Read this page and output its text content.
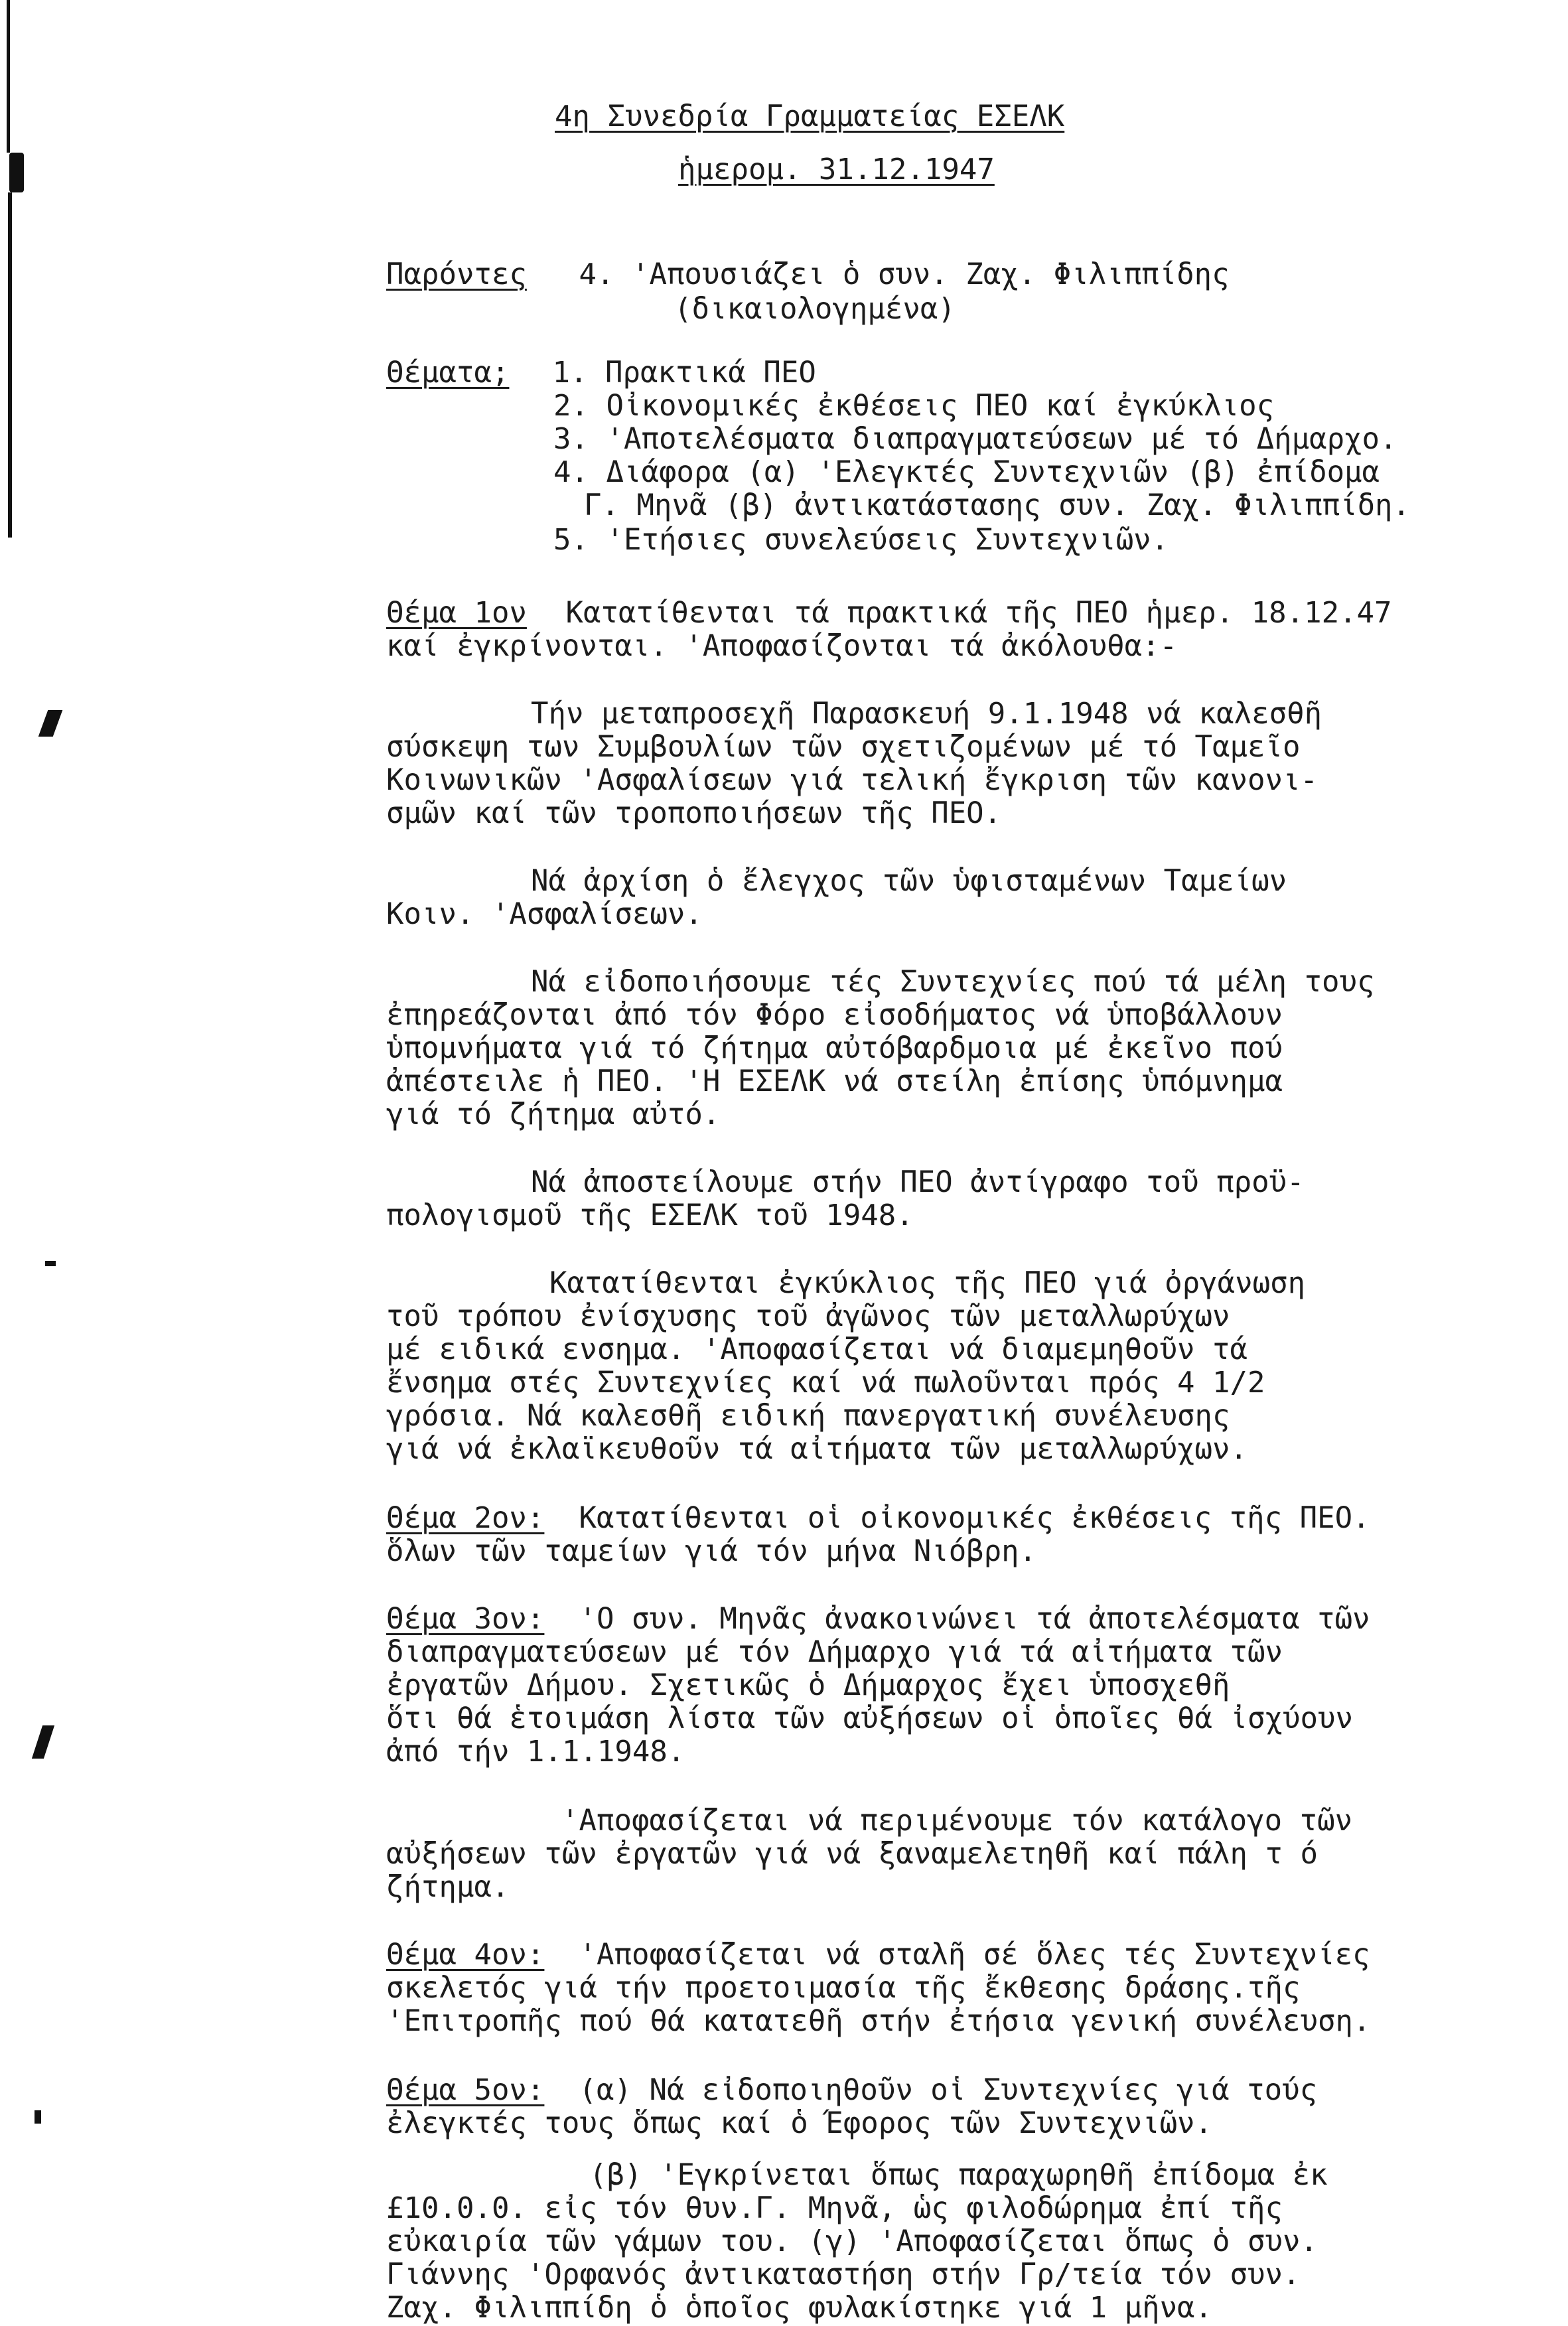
4η Συνεδρία Γραμματείας ΕΣΕΛΚ
ἡμερομ. 31.12.1947
Παρόντες 4. 'Απουσιάζει ὁ συν. Ζαχ. Φιλιππίδης
(δικαιολογημένα)
Θέματα; 1. Πρακτικά ΠΕΟ
2. Οἰκονομικές ἐκθέσεις ΠΕΟ καί ἐγκύκλιος
3. 'Αποτελέσματα διαπραγματεύσεων μέ τό Δήμαρχο.
4. Διάφορα (α) 'Ελεγκτές Συντεχνιῶν (β) ἐπίδομα
Γ. Μηνᾶ (β) ἀντικατάστασης συν. Ζαχ. Φιλιππίδη.
5. 'Ετήσιες συνελεύσεις Συντεχνιῶν.
Θέμα 1ον Κατατίθενται τά πρακτικά τῆς ΠΕΟ ἡμερ. 18.12.47
καί ἐγκρίνονται. 'Αποφασίζονται τά ἀκόλουθα:-
Τήν μεταπροσεχῆ Παρασκευή 9.1.1948 νά καλεσθῆ
σύσκεψη των Συμβουλίων τῶν σχετιζομένων μέ τό Ταμεῖο
Κοινωνικῶν 'Ασφαλίσεων γιά τελική ἔγκριση τῶν κανονι-
σμῶν καί τῶν τροποποιήσεων τῆς ΠΕΟ.
Νά ἀρχίση ὁ ἔλεγχος τῶν ὑφισταμένων Ταμείων
Κοιν. 'Ασφαλίσεων.
Νά εἰδοποιήσουμε τές Συντεχνίες πού τά μέλη τους
ἐπηρεάζονται ἀπό τόν Φόρο εἰσοδήματος νά ὑποβάλλουν
ὑπομνήματα γιά τό ζήτημα αὐτόβαρδμοια μέ ἐκεῖνο πού
ἀπέστειλε ἡ ΠΕΟ. 'Η ΕΣΕΛΚ νά στείλη ἐπίσης ὑπόμνημα
γιά τό ζήτημα αὐτό.
Νά ἀποστείλουμε στήν ΠΕΟ ἀντίγραφο τοῦ προϋ-
πολογισμοῦ τῆς ΕΣΕΛΚ τοῦ 1948.
Κατατίθενται ἐγκύκλιος τῆς ΠΕΟ γιά ὀργάνωση
τοῦ τρόπου ἐνίσχυσης τοῦ ἀγῶνος τῶν μεταλλωρύχων
μέ ειδικά ενσημα. 'Αποφασίζεται νά διαμεμηθοῦν τά
ἔνσημα στές Συντεχνίες καί νά πωλοῦνται πρός 4 1/2
γρόσια. Νά καλεσθῆ ειδική πανεργατική συνέλευσης
γιά νά ἐκλαϊκευθοῦν τά αἰτήματα τῶν μεταλλωρύχων.
Θέμα 2ον: Κατατίθενται οἱ οἰκονομικές ἐκθέσεις τῆς ΠΕΟ.
ὅλων τῶν ταμείων γιά τόν μήνα Νιόβρη.
Θέμα 3ον: 'Ο συν. Μηνᾶς ἀνακοινώνει τά ἀποτελέσματα τῶν
διαπραγματεύσεων μέ τόν Δήμαρχο γιά τά αἰτήματα τῶν
ἐργατῶν Δήμου. Σχετικῶς ὁ Δήμαρχος ἔχει ὑποσχεθῆ
ὅτι θά ἑτοιμάση λίστα τῶν αὐξήσεων οἱ ὁποῖες θά ἰσχύουν
ἀπό τήν 1.1.1948.
'Αποφασίζεται νά περιμένουμε τόν κατάλογο τῶν
αὐξήσεων τῶν ἐργατῶν γιά νά ξαναμελετηθῆ καί πάλη τ ό
ζήτημα.
Θέμα 4ον: 'Αποφασίζεται νά σταλῆ σέ ὅλες τές Συντεχνίες
σκελετός γιά τήν προετοιμασία τῆς ἔκθεσης δράσης.τῆς
'Επιτροπῆς πού θά κατατεθῆ στήν ἐτήσια γενική συνέλευση.
Θέμα 5ον: (α) Νά εἰδοποιηθοῦν οἱ Συντεχνίες γιά τούς
ἐλεγκτές τους ὅπως καί ὁ Έφορος τῶν Συντεχνιῶν.
(β) 'Εγκρίνεται ὅπως παραχωρηθῆ ἐπίδομα ἐκ
£10.0.0. εἰς τόν θυν.Γ. Μηνᾶ, ὡς φιλοδώρημα ἐπί τῆς
εὐκαιρία τῶν γάμων του. (γ) 'Αποφασίζεται ὅπως ὁ συν.
Γιάννης 'Ορφανός ἀντικαταστήση στήν Γρ/τεία τόν συν.
Ζαχ. Φιλιππίδη ὁ ὁποῖος φυλακίστηκε γιά 1 μῆνα.
